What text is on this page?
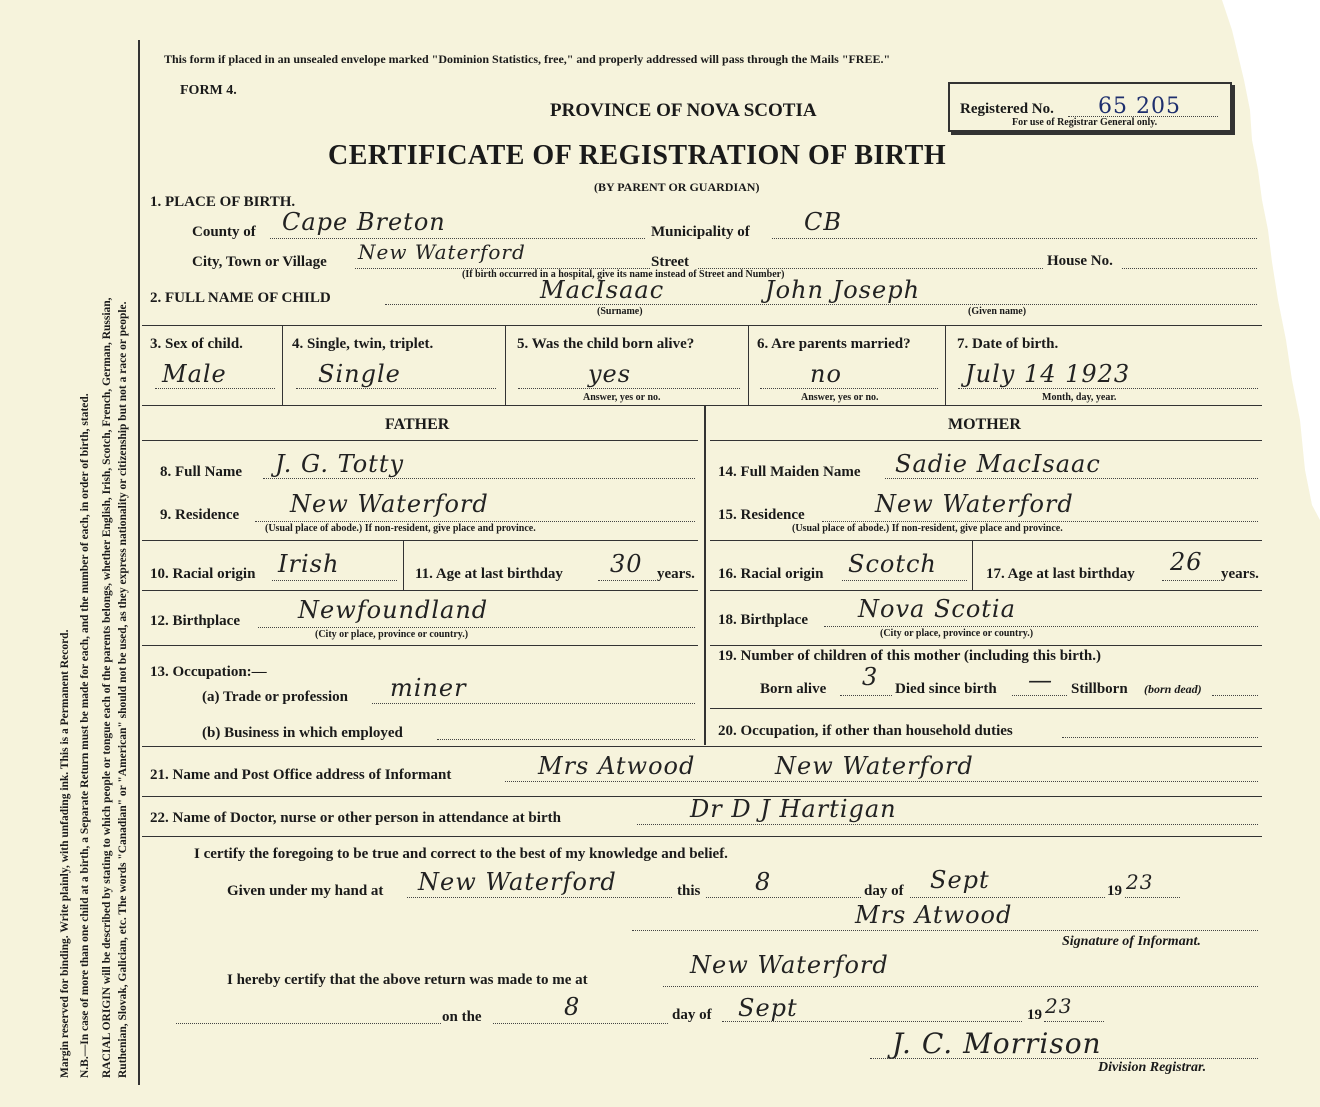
Margin reserved for binding. Write plainly, with unfading ink. This is a Permanent Record. N.B.—In case of more than one child at a birth, a Separate Return must be made for each, and the number of each, in order of birth, stated. RACIAL ORIGIN will be described by stating to which people or tongue each of the parents belongs, whether English, Irish, Scotch, French, German, Russian, Ruthenian, Slovak, Galician, etc. The words "Canadian" or "American" should not be used, as they express nationality or citizenship but not a race or people.
This form if placed in an unsealed envelope marked "Dominion Statistics, free," and properly addressed will pass through the Mails "FREE."
FORM 4.
PROVINCE OF NOVA SCOTIA
CERTIFICATE OF REGISTRATION OF BIRTH
(BY PARENT OR GUARDIAN)
Registered No. 65 205
For use of Registrar General only.
1. PLACE OF BIRTH.
County of Cape Breton	Municipality of CB
City, Town or Village New Waterford	Street	House No.
(If birth occurred in a hospital, give its name instead of Street and Number)
2. FULL NAME OF CHILD	MacIsaac	John Joseph
(Surname)	(Given name)
3. Sex of child.
Male
4. Single, twin, triplet.
Single
5. Was the child born alive?
yes
Answer, yes or no.
6. Are parents married?
no
Answer, yes or no.
7. Date of birth.
July 14 1923
Month, day, year.
FATHER	MOTHER
8. Full Name J. G. Totty
9. Residence New Waterford
(Usual place of abode.) If non-resident, give place and province.
10. Racial origin Irish	11. Age at last birthday 30 years.
12. Birthplace Newfoundland
(City or place, province or country.)
13. Occupation:—
(a) Trade or profession miner
(b) Business in which employed
14. Full Maiden Name Sadie MacIsaac
15. Residence	New Waterford
(Usual place of abode.) If non-resident, give place and province.
16. Racial origin Scotch	17. Age at last birthday 26 years.
18. Birthplace Nova Scotia
(City or place, province or country.)
19. Number of children of this mother (including this birth.)
Born alive 3 Died since birth — Stillborn (born dead)
20. Occupation, if other than household duties
21. Name and Post Office address of Informant	Mrs Atwood	New Waterford
22. Name of Doctor, nurse or other person in attendance at birth	Dr D J Hartigan
I certify the foregoing to be true and correct to the best of my knowledge and belief.
Given under my hand at New Waterford	this 8	day of Sept	19 23
Mrs Atwood
Signature of Informant.
I hereby certify that the above return was made to me at
New Waterford
on the	8	day of Sept	19 23
J. C. Morrison
Division Registrar.
